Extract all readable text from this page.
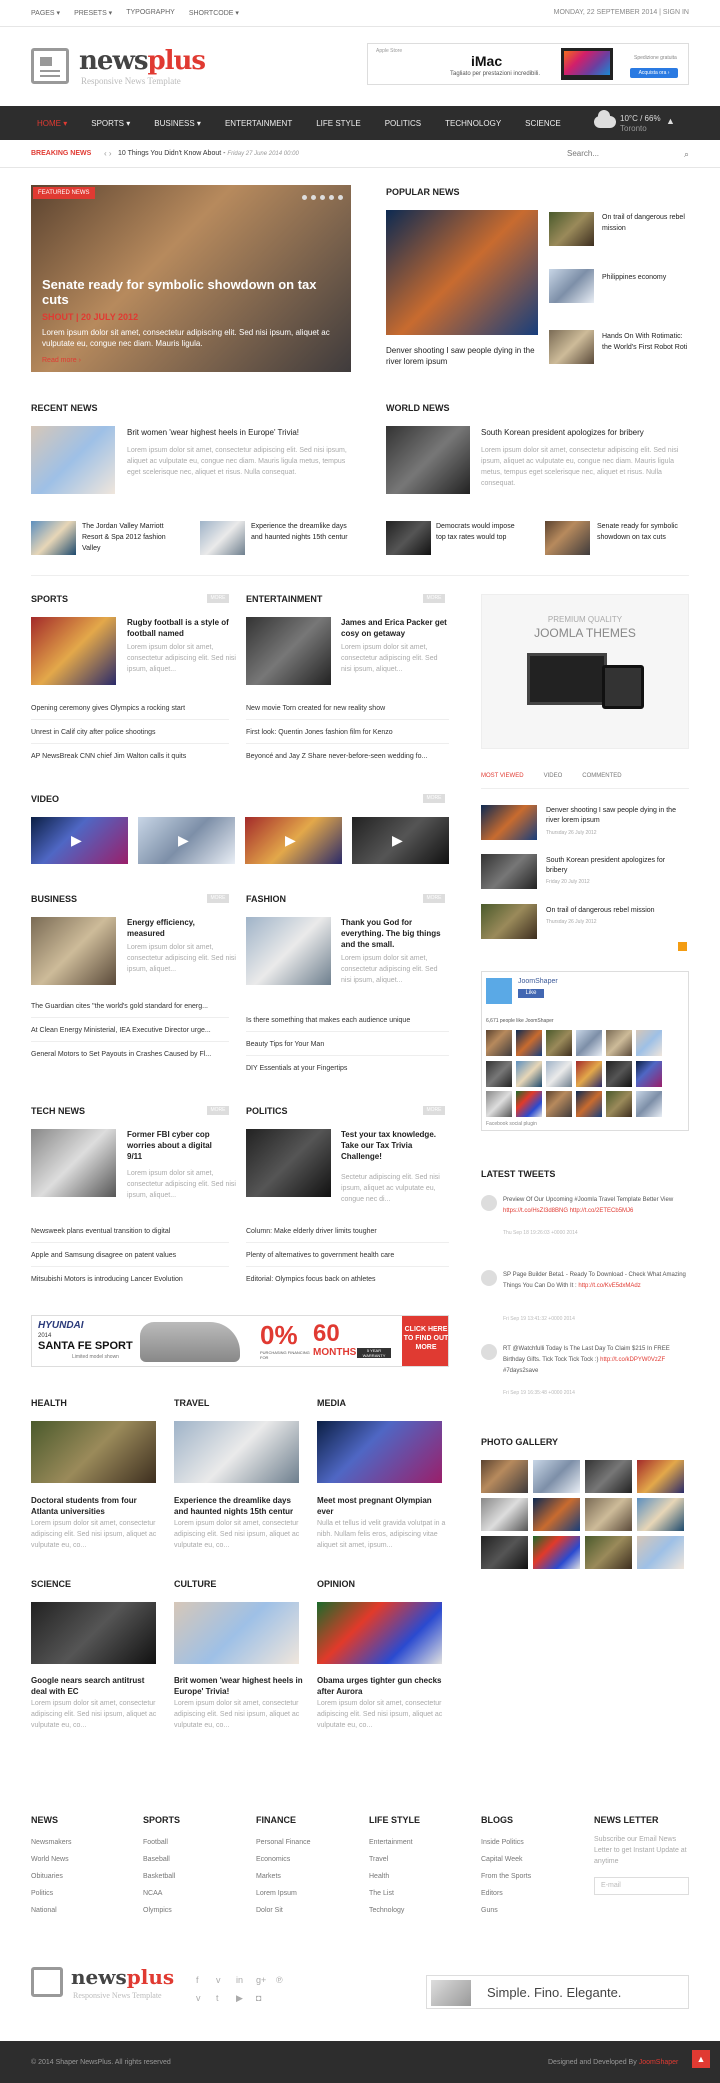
PAGES ▾ PRESETS ▾ TYPOGRAPHY SHORTCODE ▾	MONDAY, 22 SEPTEMBER 2014 | SIGN IN
newsplus
Responsive News Template
Apple Store
iMac
Tagliato per prestazioni incredibili.
Spedizione gratuita
Acquista ora ›
HOME ▾	SPORTS ▾	BUSINESS ▾	ENTERTAINMENT	LIFE STYLE	POLITICS	TECHNOLOGY	SCIENCE	10°C / 66%
Toronto
▲
BREAKING NEWS ‹ › 10 Things You Didn't Know About - Friday 27 June 2014 00:00	Search...	⌕
FEATURED NEWS
Senate ready for symbolic showdown on tax cuts
SHOUT | 20 JULY 2012
Lorem ipsum dolor sit amet, consectetur adipiscing elit. Sed nisi ipsum, aliquet ac vulputate eu, congue nec diam. Mauris ligula.
Read more ›
POPULAR NEWS
Denver shooting I saw people dying in the river lorem ipsum
On trail of dangerous rebel mission
Philippines economy
Hands On With Rotimatic: the World's First Robot Roti
RECENT NEWS
Brit women 'wear highest heels in Europe' Trivia!
Lorem ipsum dolor sit amet, consectetur adipiscing elit. Sed nisi ipsum, aliquet ac vulputate eu, congue nec diam. Mauris ligula metus, tempus eget scelerisque nec, aliquet et risus. Nulla consequat.
The Jordan Valley Marriott Resort & Spa 2012 fashion Valley
Experience the dreamlike days and haunted nights 15th centur
WORLD NEWS
South Korean president apologizes for bribery
Lorem ipsum dolor sit amet, consectetur adipiscing elit. Sed nisi ipsum, aliquet ac vulputate eu, congue nec diam. Mauris ligula metus, tempus eget scelerisque nec, aliquet et risus. Nulla consequat.
Democrats would impose top tax rates would top
Senate ready for symbolic showdown on tax cuts
SPORTS	MORE
Rugby football is a style of football named
Lorem ipsum dolor sit amet, consectetur adipiscing elit. Sed nisi ipsum, aliquet...
Opening ceremony gives Olympics a rocking start
Unrest in Calif city after police shootings
AP NewsBreak CNN chief Jim Walton calls it quits
ENTERTAINMENT	MORE
James and Erica Packer get cosy on getaway
Lorem ipsum dolor sit amet, consectetur adipiscing elit. Sed nisi ipsum, aliquet...
New movie Torn created for new reality show
First look: Quentin Jones fashion film for Kenzo
Beyoncé and Jay Z Share never-before-seen wedding fo...
VIDEO	MORE
▶	▶	▶	▶
BUSINESS	MORE
Energy efficiency, measured
Lorem ipsum dolor sit amet, consectetur adipiscing elit. Sed nisi ipsum, aliquet...
The Guardian cites "the world's gold standard for energ...
At Clean Energy Ministerial, IEA Executive Director urge...
General Motors to Set Payouts in Crashes Caused by Fl...
FASHION	MORE
Thank you God for everything. The big things and the small.
Lorem ipsum dolor sit amet, consectetur adipiscing elit. Sed nisi ipsum, aliquet...
Is there something that makes each audience unique
Beauty Tips for Your Man
DIY Essentials at your Fingertips
TECH NEWS	MORE
Former FBI cyber cop worries about a digital 9/11
Lorem ipsum dolor sit amet, consectetur adipiscing elit. Sed nisi ipsum, aliquet...
Newsweek plans eventual transition to digital
Apple and Samsung disagree on patent values
Mitsubishi Motors is introducing Lancer Evolution
POLITICS	MORE
Test your tax knowledge. Take our Tax Trivia Challenge!
Sectetur adipiscing elit. Sed nisi ipsum, aliquet ac vulputate eu, congue nec di...
Column: Make elderly driver limits tougher
Plenty of alternatives to government health care
Editorial: Olympics focus back on athletes
HYUNDAI
2014
SANTA FE SPORT
Limited model shown
0%
PURCHASING FINANCING FOR
60
MONTHS	5 YEAR WARRANTY
CLICK HERE TO FIND OUT MORE
HEALTH
Doctoral students from four Atlanta universities
Lorem ipsum dolor sit amet, consectetur adipiscing elit. Sed nisi ipsum, aliquet ac vulputate eu, co...
TRAVEL
Experience the dreamlike days and haunted nights 15th centur
Lorem ipsum dolor sit amet, consectetur adipiscing elit. Sed nisi ipsum, aliquet ac vulputate eu, co...
MEDIA
Meet most pregnant Olympian ever
Nulla et tellus id velit gravida volutpat in a nibh. Nullam felis eros, adipiscing vitae aliquet sit amet, ipsum...
SCIENCE
Google nears search antitrust deal with EC
Lorem ipsum dolor sit amet, consectetur adipiscing elit. Sed nisi ipsum, aliquet ac vulputate eu, co...
CULTURE
Brit women 'wear highest heels in Europe' Trivia!
Lorem ipsum dolor sit amet, consectetur adipiscing elit. Sed nisi ipsum, aliquet ac vulputate eu, co...
OPINION
Obama urges tighter gun checks after Aurora
Lorem ipsum dolor sit amet, consectetur adipiscing elit. Sed nisi ipsum, aliquet ac vulputate eu, co...
PREMIUM QUALITY
JOOMLA THEMES
MOST VIEWED	VIDEO	COMMENTED
Denver shooting I saw people dying in the river lorem ipsum
Thursday 26 July 2012
South Korean president apologizes for bribery
Friday 20 July 2012
On trail of dangerous rebel mission
Thursday 26 July 2012
JoomShaper
Like
6,671 people like JoomShaper
Facebook social plugin
LATEST TWEETS
Preview Of Our Upcoming #Joomla Travel Template Better View https://t.co/HsZI3d8BNG http://t.co/2ETECb5MJ6
Thu Sep 18 19:26:03 +0000 2014
SP Page Builder Beta1 - Ready To Download - Check What Amazing Things You Can Do With It : http://t.co/KvE5dxMAdz
Fri Sep 19 13:41:32 +0000 2014
RT @Watchfulli Today Is The Last Day To Claim $215 In FREE Birthday Gifts. Tick Tock Tick Tock :) http://t.co/kDPYW0VzZF #7days2save
Fri Sep 19 16:35:48 +0000 2014
PHOTO GALLERY
NEWS
Newsmakers
World News
Obituaries
Politics
National
SPORTS
Football
Baseball
Basketball
NCAA
Olympics
FINANCE
Personal Finance
Economics
Markets
Lorem Ipsum
Dolor Sit
LIFE STYLE
Entertainment
Travel
Health
The List
Technology
BLOGS
Inside Politics
Capital Week
From the Sports
Editors
Guns
NEWS LETTER
Subscribe our Email News Letter to get Instant Update at anytime
E-mail
newsplus
Responsive News Template
f	v	in	g+	℗
v	t	▶	◘	Simple. Fino. Elegante.
© 2014 Shaper NewsPlus. All rights reserved	Designed and Developed By JoomShaper	▲
